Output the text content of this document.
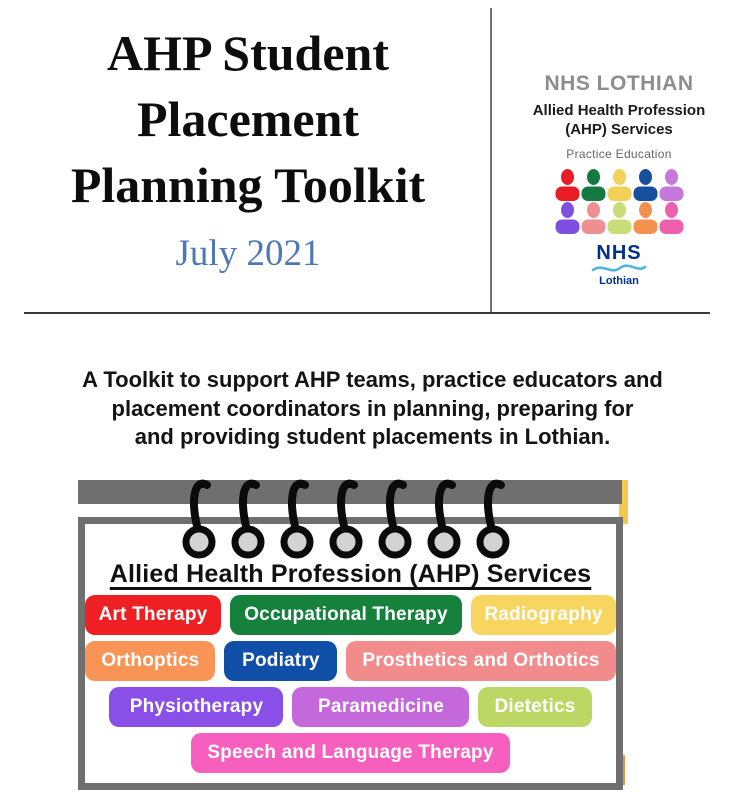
AHP Student
Placement
Planning Toolkit
July 2021
NHS LOTHIAN
Allied Health Profession
(AHP) Services
Practice Education
NHS
Lothian
A Toolkit to support AHP teams, practice educators and
placement coordinators in planning, preparing for
and providing student placements in Lothian.
Allied Health Profession (AHP) Services
Art Therapy	Occupational Therapy	Radiography
Orthoptics	Podiatry	Prosthetics and Orthotics
Physiotherapy	Paramedicine	Dietetics
Speech and Language Therapy
